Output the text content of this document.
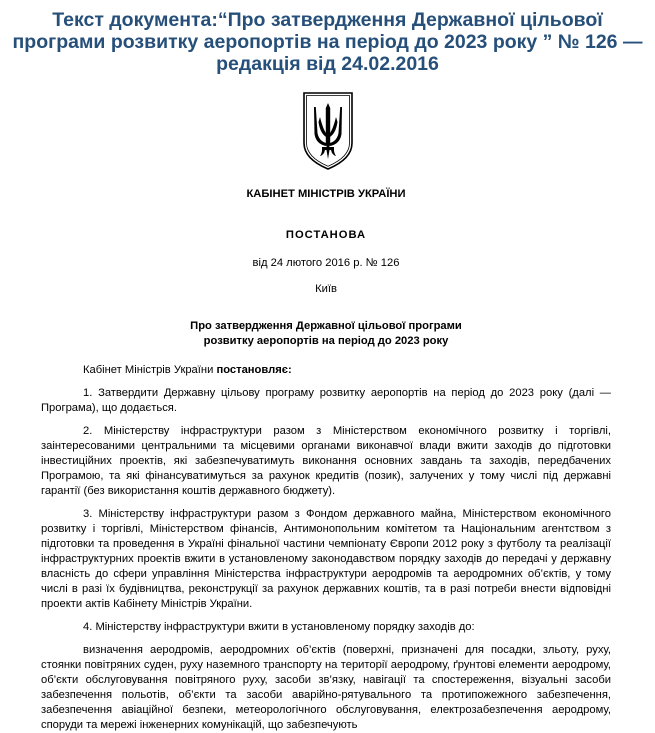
Текст документа:“Про затвердження Державної цільової програми розвитку аеропортів на період до 2023 року ” № 126 — редакція від 24.02.2016

КАБІНЕТ МІНІСТРІВ УКРАЇНИ

ПОСТАНОВА

від 24 лютого 2016 р. № 126

Київ

Про затвердження Державної цільової програми
розвитку аеропортів на період до 2023 року

Кабінет Міністрів України постановляє:

1. Затвердити Державну цільову програму розвитку аеропортів на період до 2023 року (далі — Програма), що додається.

2. Міністерству інфраструктури разом з Міністерством економічного розвитку і торгівлі, заінтересованими центральними та місцевими органами виконавчої влади вжити заходів до підготовки інвестиційних проектів, які забезпечуватимуть виконання основних завдань та заходів, передбачених Програмою, та які фінансуватимуться за рахунок кредитів (позик), залучених у тому числі під державні гарантії (без використання коштів державного бюджету).

3. Міністерству інфраструктури разом з Фондом державного майна, Міністерством економічного розвитку і торгівлі, Міністерством фінансів, Антимонопольним комітетом та Національним агентством з підготовки та проведення в Україні фінальної частини чемпіонату Європи 2012 року з футболу та реалізації інфраструктурних проектів вжити в установленому законодавством порядку заходів до передачі у державну власність до сфери управління Міністерства інфраструктури аеродромів та аеродромних об’єктів, у тому числі в разі їх будівництва, реконструкції за рахунок державних коштів, та в разі потреби внести відповідні проекти актів Кабінету Міністрів України.

4. Міністерству інфраструктури вжити в установленому порядку заходів до:

визначення аеродромів, аеродромних об’єктів (поверхні, призначені для посадки, зльоту, руху, стоянки повітряних суден, руху наземного транспорту на території аеродрому, ґрунтові елементи аеродрому, об’єкти обслуговування повітряного руху, засоби зв’язку, навігації та спостереження, візуальні засоби забезпечення польотів, об’єкти та засоби аварійно-рятувального та протипожежного забезпечення, забезпечення авіаційної безпеки, метеорологічного обслуговування, електрозабезпечення аеродрому, споруди та мережі інженерних комунікацій, що забезпечують
